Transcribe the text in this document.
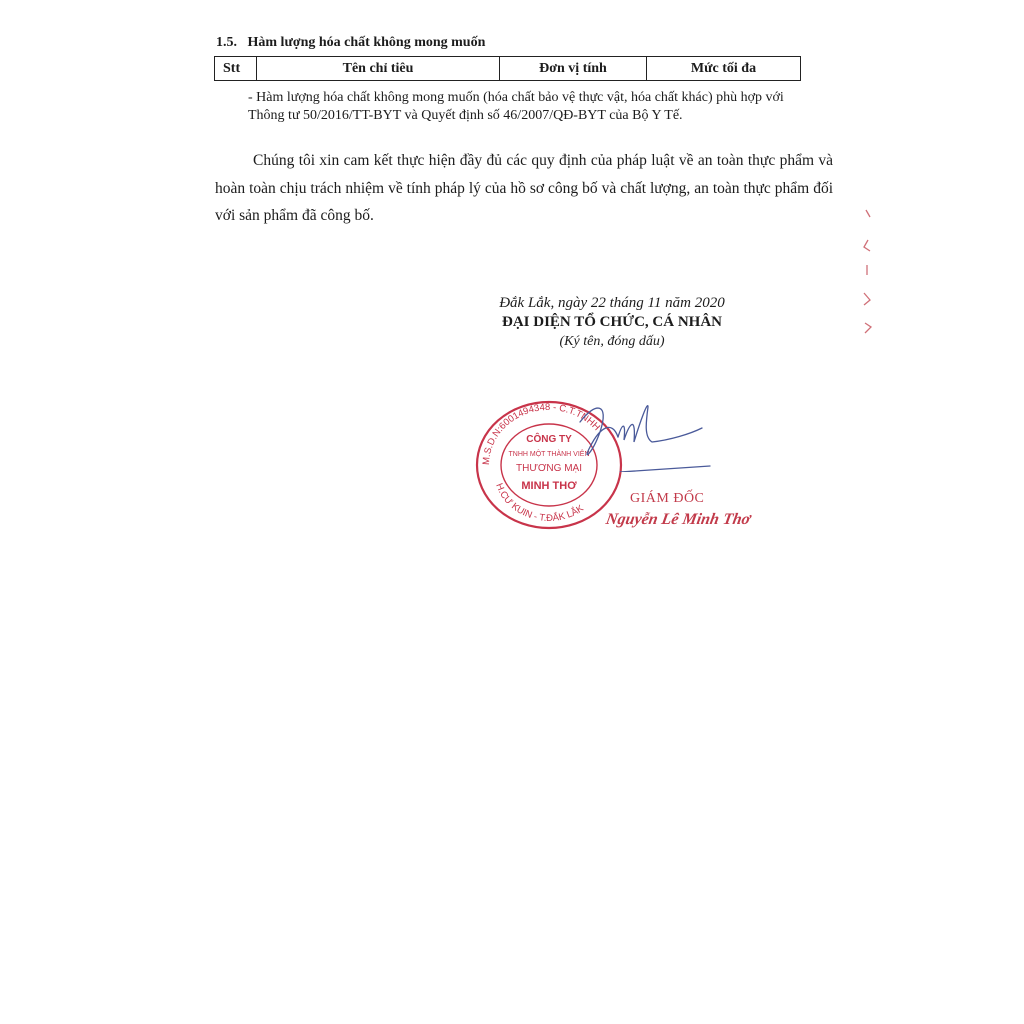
1.5. Hàm lượng hóa chất không mong muốn
Stt	Tên chỉ tiêu	Đơn vị tính	Mức tối đa
- Hàm lượng hóa chất không mong muốn (hóa chất bảo vệ thực vật, hóa chất khác) phù hợp với Thông tư 50/2016/TT-BYT và Quyết định số 46/2007/QĐ-BYT của Bộ Y Tế.
Chúng tôi xin cam kết thực hiện đầy đủ các quy định của pháp luật về an toàn thực phẩm và hoàn toàn chịu trách nhiệm về tính pháp lý của hồ sơ công bố và chất lượng, an toàn thực phẩm đối với sản phẩm đã công bố.
Đắk Lắk, ngày 22 tháng 11 năm 2020
ĐẠI DIỆN TỔ CHỨC, CÁ NHÂN
(Ký tên, đóng dấu)
M.S.D.N:6001494348 - C.T.TNHH
H.CƯ KUIN - T.ĐẮK LẮK
CÔNG TY
TNHH MỘT THÀNH VIÊN
THƯƠNG MẠI
MINH THƠ
GIÁM ĐỐC
Nguyễn Lê Minh Thơ
